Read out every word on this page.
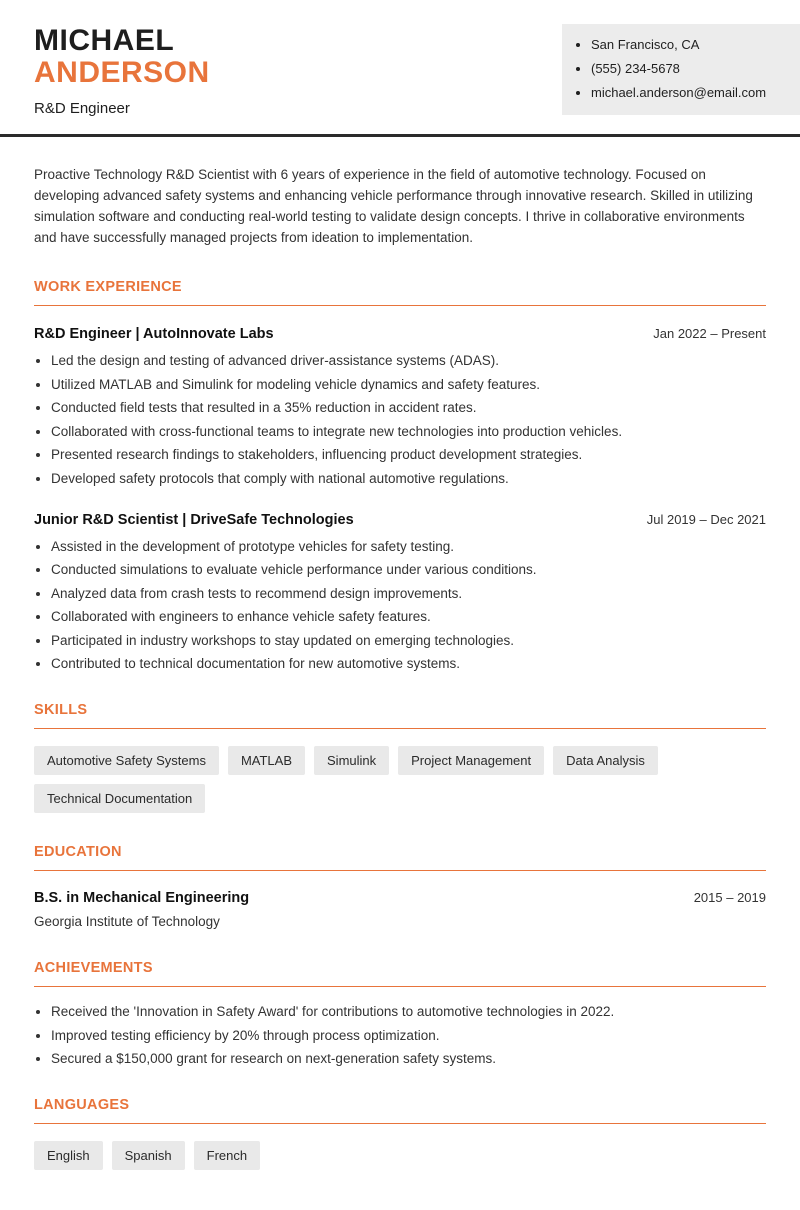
MICHAEL
ANDERSON
R&D Engineer
• San Francisco, CA
• (555) 234-5678
• michael.anderson@email.com

Proactive Technology R&D Scientist with 6 years of experience in the field of automotive technology. Focused on developing advanced safety systems and enhancing vehicle performance through innovative research. Skilled in utilizing simulation software and conducting real-world testing to validate design concepts. I thrive in collaborative environments and have successfully managed projects from ideation to implementation.

WORK EXPERIENCE
R&D Engineer | AutoInnovate Labs	Jan 2022 – Present
• Led the design and testing of advanced driver-assistance systems (ADAS).
• Utilized MATLAB and Simulink for modeling vehicle dynamics and safety features.
• Conducted field tests that resulted in a 35% reduction in accident rates.
• Collaborated with cross-functional teams to integrate new technologies into production vehicles.
• Presented research findings to stakeholders, influencing product development strategies.
• Developed safety protocols that comply with national automotive regulations.
Junior R&D Scientist | DriveSafe Technologies	Jul 2019 – Dec 2021
• Assisted in the development of prototype vehicles for safety testing.
• Conducted simulations to evaluate vehicle performance under various conditions.
• Analyzed data from crash tests to recommend design improvements.
• Collaborated with engineers to enhance vehicle safety features.
• Participated in industry workshops to stay updated on emerging technologies.
• Contributed to technical documentation for new automotive systems.
SKILLS
Automotive Safety Systems	MATLAB	Simulink	Project Management	Data Analysis
Technical Documentation
EDUCATION
B.S. in Mechanical Engineering	2015 – 2019
Georgia Institute of Technology
ACHIEVEMENTS
• Received the 'Innovation in Safety Award' for contributions to automotive technologies in 2022.
• Improved testing efficiency by 20% through process optimization.
• Secured a $150,000 grant for research on next-generation safety systems.
LANGUAGES
English	Spanish	French
